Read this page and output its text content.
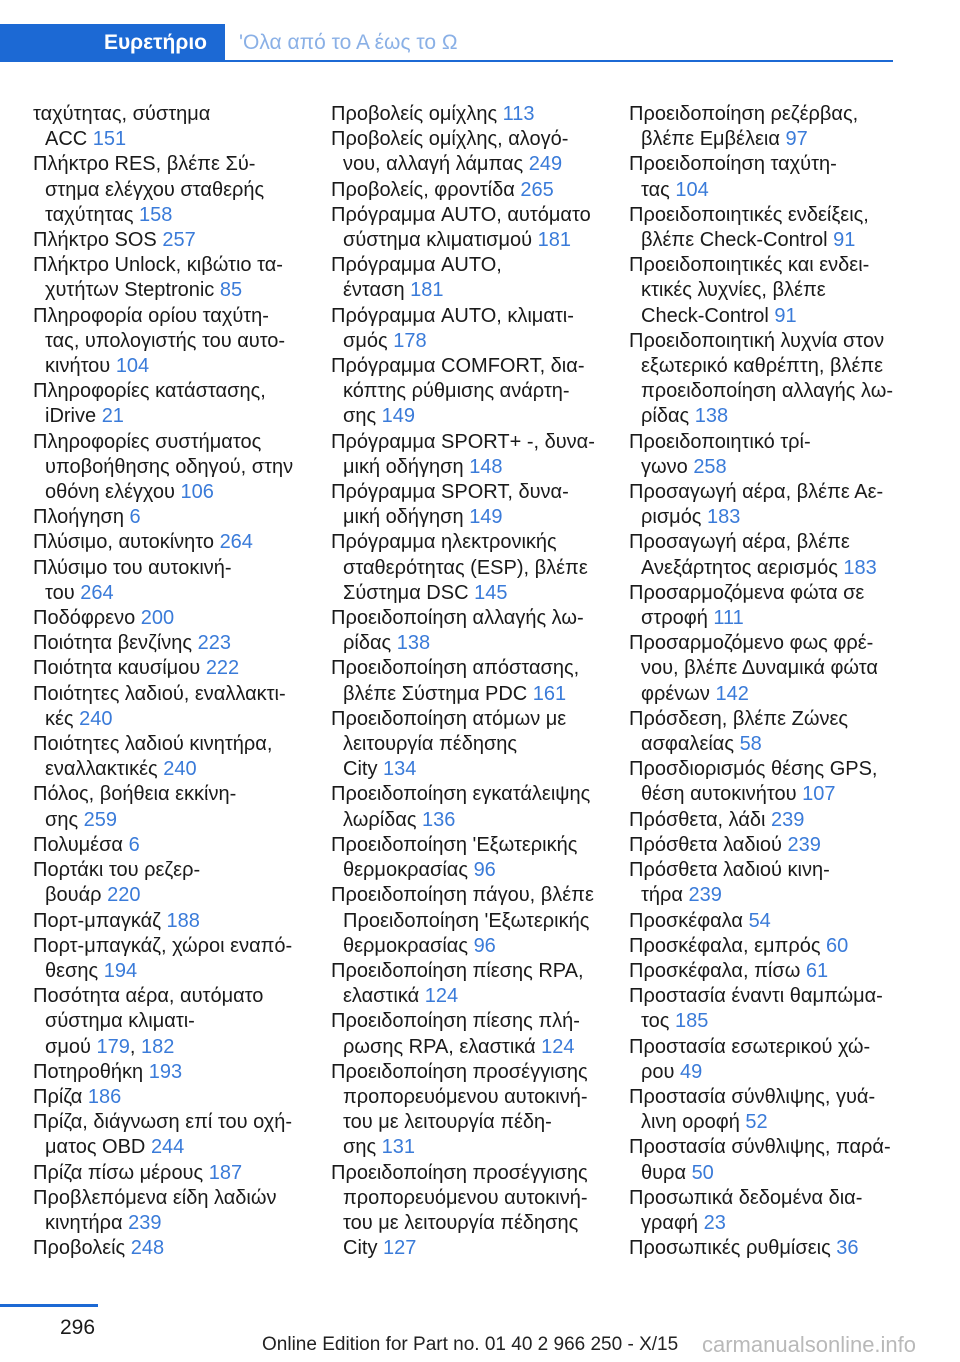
Ευρετήριο	'Ολα από το Α έως το Ω
ταχύτητας, σύστημα
ACC 151
Πλήκτρο RES, βλέπε Σύ-
στημα ελέγχου σταθερής
ταχύτητας 158
Πλήκτρο SOS 257
Πλήκτρο Unlock, κιβώτιο τα-
χυτήτων Steptronic 85
Πληροφορία ορίου ταχύτη-
τας, υπολογιστής του αυτο-
κινήτου 104
Πληροφορίες κατάστασης,
iDrive 21
Πληροφορίες συστήματος
υποβοήθησης οδηγού, στην
οθόνη ελέγχου 106
Πλοήγηση 6
Πλύσιμο, αυτοκίνητο 264
Πλύσιμο του αυτοκινή-
του 264
Ποδόφρενο 200
Ποιότητα βενζίνης 223
Ποιότητα καυσίμου 222
Ποιότητες λαδιού, εναλλακτι-
κές 240
Ποιότητες λαδιού κινητήρα,
εναλλακτικές 240
Πόλος, βοήθεια εκκίνη-
σης 259
Πολυμέσα 6
Πορτάκι του ρεζερ-
βουάρ 220
Πορτ-μπαγκάζ 188
Πορτ-μπαγκάζ, χώροι εναπό-
θεσης 194
Ποσότητα αέρα, αυτόματο
σύστημα κλιματι-
σμού 179, 182
Ποτηροθήκη 193
Πρίζα 186
Πρίζα, διάγνωση επί του οχή-
ματος OBD 244
Πρίζα πίσω μέρους 187
Προβλεπόμενα είδη λαδιών
κινητήρα 239
Προβολείς 248
Προβολείς ομίχλης 113
Προβολείς ομίχλης, αλογό-
νου, αλλαγή λάμπας 249
Προβολείς, φροντίδα 265
Πρόγραμμα AUTO, αυτόματο
σύστημα κλιματισμού 181
Πρόγραμμα AUTO,
ένταση 181
Πρόγραμμα AUTO, κλιματι-
σμός 178
Πρόγραμμα COMFORT, δια-
κόπτης ρύθμισης ανάρτη-
σης 149
Πρόγραμμα SPORT+ -, δυνα-
μική οδήγηση 148
Πρόγραμμα SPORT, δυνα-
μική οδήγηση 149
Πρόγραμμα ηλεκτρονικής
σταθερότητας (ESP), βλέπε
Σύστημα DSC 145
Προειδοποίηση αλλαγής λω-
ρίδας 138
Προειδοποίηση απόστασης,
βλέπε Σύστημα PDC 161
Προειδοποίηση ατόμων με
λειτουργία πέδησης
City 134
Προειδοποίηση εγκατάλειψης
λωρίδας 136
Προειδοποίηση 'Εξωτερικής
θερμοκρασίας 96
Προειδοποίηση πάγου, βλέπε
Προειδοποίηση 'Εξωτερικής
θερμοκρασίας 96
Προειδοποίηση πίεσης RPA,
ελαστικά 124
Προειδοποίηση πίεσης πλή-
ρωσης RPA, ελαστικά 124
Προειδοποίηση προσέγγισης
προπορευόμενου αυτοκινή-
του με λειτουργία πέδη-
σης 131
Προειδοποίηση προσέγγισης
προπορευόμενου αυτοκινή-
του με λειτουργία πέδησης
City 127
Προειδοποίηση ρεζέρβας,
βλέπε Εμβέλεια 97
Προειδοποίηση ταχύτη-
τας 104
Προειδοποιητικές ενδείξεις,
βλέπε Check-Control 91
Προειδοποιητικές και ενδει-
κτικές λυχνίες, βλέπε
Check-Control 91
Προειδοποιητική λυχνία στον
εξωτερικό καθρέπτη, βλέπε
προειδοποίηση αλλαγής λω-
ρίδας 138
Προειδοποιητικό τρί-
γωνο 258
Προσαγωγή αέρα, βλέπε Αε-
ρισμός 183
Προσαγωγή αέρα, βλέπε
Ανεξάρτητος αερισμός 183
Προσαρμοζόμενα φώτα σε
στροφή 111
Προσαρμοζόμενο φως φρέ-
νου, βλέπε Δυναμικά φώτα
φρένων 142
Πρόσδεση, βλέπε Ζώνες
ασφαλείας 58
Προσδιορισμός θέσης GPS,
θέση αυτοκινήτου 107
Πρόσθετα, λάδι 239
Πρόσθετα λαδιού 239
Πρόσθετα λαδιού κινη-
τήρα 239
Προσκέφαλα 54
Προσκέφαλα, εμπρός 60
Προσκέφαλα, πίσω 61
Προστασία έναντι θαμπώμα-
τος 185
Προστασία εσωτερικού χώ-
ρου 49
Προστασία σύνθλιψης, γυά-
λινη οροφή 52
Προστασία σύνθλιψης, παρά-
θυρα 50
Προσωπικά δεδομένα δια-
γραφή 23
Προσωπικές ρυθμίσεις 36
296
Online Edition for Part no. 01 40 2 966 250 - X/15 carmanualsonline.info
